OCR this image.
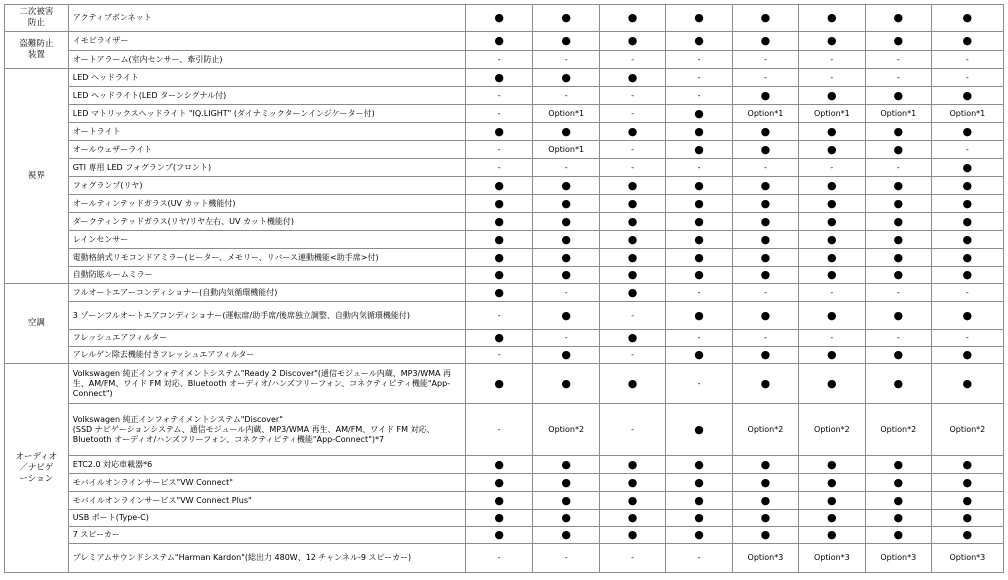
二次被害
防止	アクティブボンネット	●	●	●	●	●	●	●	●
盗難防止
装置	イモビライザー	●	●	●	●	●	●	●	●
	オートアラーム(室内センサー、牽引防止)	-	-	-	-	-	-	-	-
視界	LED ヘッドライト	●	●	●	-	-	-	-	-
	LED ヘッドライト(LED ターンシグナル付)	-	-	-	-	●	●	●	●
	LED マトリックスヘッドライト "IQ.LIGHT" (ダイナミックターンインジケーター付)	-	Option*1	-	●	Option*1	Option*1	Option*1	Option*1
	オートライト	●	●	●	●	●	●	●	●
	オールウェザーライト	-	Option*1	-	●	●	●	●	-
	GTI 専用 LED フォグランプ(フロント)	-	-	-	-	-	-	-	●
	フォグランプ(リヤ)	●	●	●	●	●	●	●	●
	オールティンテッドガラス(UV カット機能付)	●	●	●	●	●	●	●	●
	ダークティンテッドガラス(リヤ/リヤ左右、UV カット機能付)	●	●	●	●	●	●	●	●
	レインセンサー	●	●	●	●	●	●	●	●
	電動格納式リモコンドアミラー(ヒーター、メモリー、リバース連動機能<助手席>付)	●	●	●	●	●	●	●	●
	自動防眩ルームミラー	●	●	●	●	●	●	●	●
空調	フルオートエアーコンディショナー(自動内気循環機能付)	●	-	●	-	-	-	-	-
	3 ゾーンフルオートエアコンディショナー(運転席/助手席/後席独立調整、自動内気循環機能付)	-	●	-	●	●	●	●	●
	フレッシュエアフィルター	●	-	●	-	-	-	-	-
	アレルゲン除去機能付きフレッシュエアフィルター	-	●	-	●	●	●	●	●
オーディオ
／ナビゲ
ーション	Volkswagen 純正インフォテイメントシステム"Ready 2 Discover"(通信モジュール内蔵、MP3/WMA 再生、AM/FM、ワイド FM 対応、Bluetooth オーディオ/ハンズフリーフォン、コネクティビティ機能"App-Connect")	●	●	●	-	●	●	●	●
	Volkswagen 純正インフォテイメントシステム"Discover"
(SSD ナビゲーションシステム、通信モジュール内蔵、MP3/WMA 再生、AM/FM、ワイド FM 対応、Bluetooth オーディオ/ハンズフリーフォン、コネクティビティ機能"App-Connect")*7	-	Option*2	-	●	Option*2	Option*2	Option*2	Option*2
	ETC2.0 対応車載器*6	●	●	●	●	●	●	●	●
	モバイルオンラインサービス"VW Connect"	●	●	●	●	●	●	●	●
	モバイルオンラインサービス"VW Connect Plus"	●	●	●	●	●	●	●	●
	USB ポート(Type-C)	●	●	●	●	●	●	●	●
	7 スピーカー	●	●	●	●	●	●	●	●
	プレミアムサウンドシステム"Harman Kardon"(総出力 480W、12 チャンネル-9 スピーカー)	-	-	-	-	Option*3	Option*3	Option*3	Option*3
